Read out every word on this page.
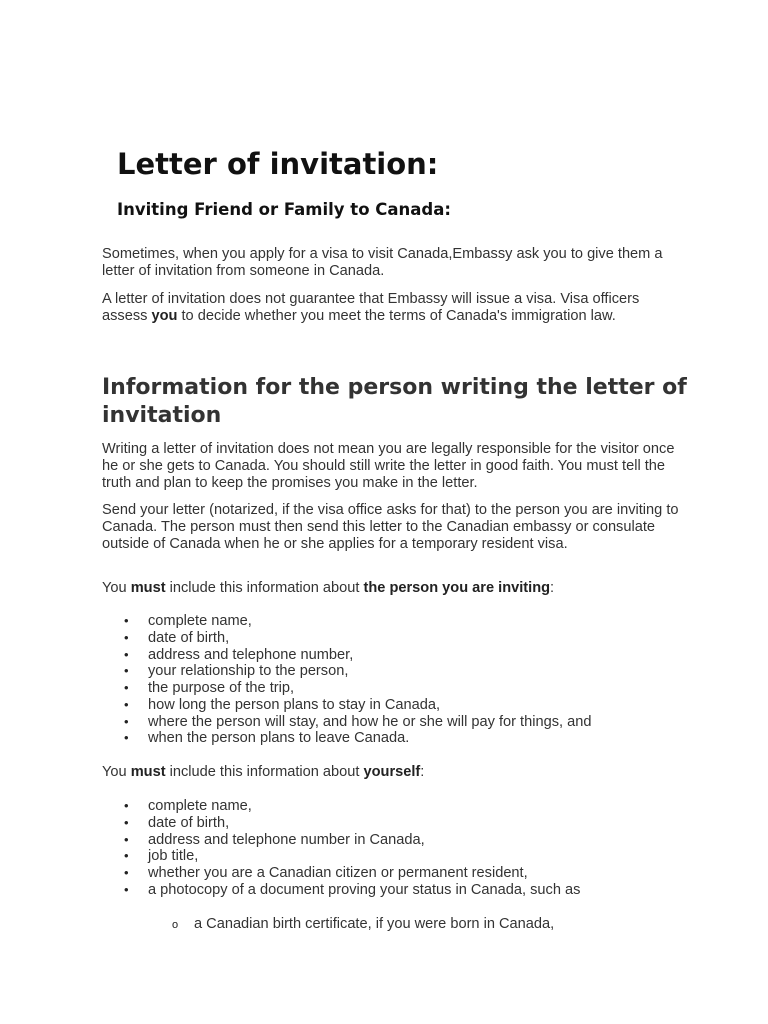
Letter of invitation:
Inviting Friend or Family to Canada:

Sometimes, when you apply for a visa to visit Canada,Embassy ask you to give them a letter of invitation from someone in Canada.

A letter of invitation does not guarantee that Embassy will issue a visa. Visa officers assess you to decide whether you meet the terms of Canada's immigration law.

Information for the person writing the letter of invitation

Writing a letter of invitation does not mean you are legally responsible for the visitor once he or she gets to Canada. You should still write the letter in good faith. You must tell the truth and plan to keep the promises you make in the letter.

Send your letter (notarized, if the visa office asks for that) to the person you are inviting to Canada. The person must then send this letter to the Canadian embassy or consulate outside of Canada when he or she applies for a temporary resident visa.

You must include this information about the person you are inviting:

• complete name,
• date of birth,
• address and telephone number,
• your relationship to the person,
• the purpose of the trip,
• how long the person plans to stay in Canada,
• where the person will stay, and how he or she will pay for things, and
• when the person plans to leave Canada.

You must include this information about yourself:

• complete name,
• date of birth,
• address and telephone number in Canada,
• job title,
• whether you are a Canadian citizen or permanent resident,
• a photocopy of a document proving your status in Canada, such as
o a Canadian birth certificate, if you were born in Canada,
